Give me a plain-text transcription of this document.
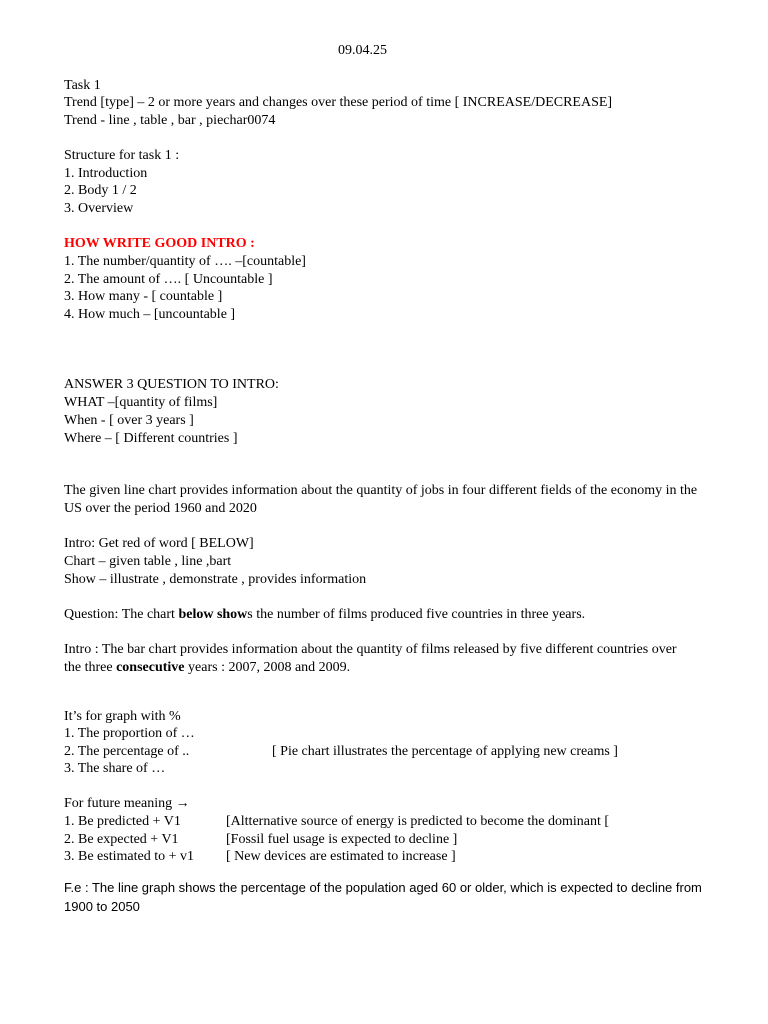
09.04.25
Task 1
Trend [type] – 2 or more years and changes over these period of time [ INCREASE/DECREASE]
Trend - line , table , bar , piechar0074
Structure for task 1 :
1. Introduction
2. Body 1 / 2
3. Overview
HOW WRITE GOOD INTRO :
1. The number/quantity of …. –[countable]
2. The amount of …. [ Uncountable ]
3. How many - [ countable ]
4. How much – [uncountable ]
ANSWER 3 QUESTION TO INTRO:
WHAT –[quantity of films]
When - [ over 3 years ]
Where – [ Different countries ]
The given line chart provides information about the quantity of jobs in four different fields of the economy in the
US over the period 1960 and 2020
Intro: Get red of word [ BELOW]
Chart – given table , line ,bart
Show – illustrate , demonstrate , provides information
Question: The chart below shows the number of films produced five countries in three years.
Intro : The bar chart provides information about the quantity of films released by five different countries over
the three consecutive years : 2007, 2008 and 2009.
It’s for graph with %
1. The proportion of …
2. The percentage of ..	[ Pie chart illustrates the percentage of applying new creams ]
3. The share of …
For future meaning →
1. Be predicted + V1	[Altternative source of energy is predicted to become the dominant [
2. Be expected + V1	[Fossil fuel usage is expected to decline ]
3. Be estimated to + v1 [ New devices are estimated to increase ]
F.e : The line graph shows the percentage of the population aged 60 or older, which is expected to decline from
1900 to 2050
